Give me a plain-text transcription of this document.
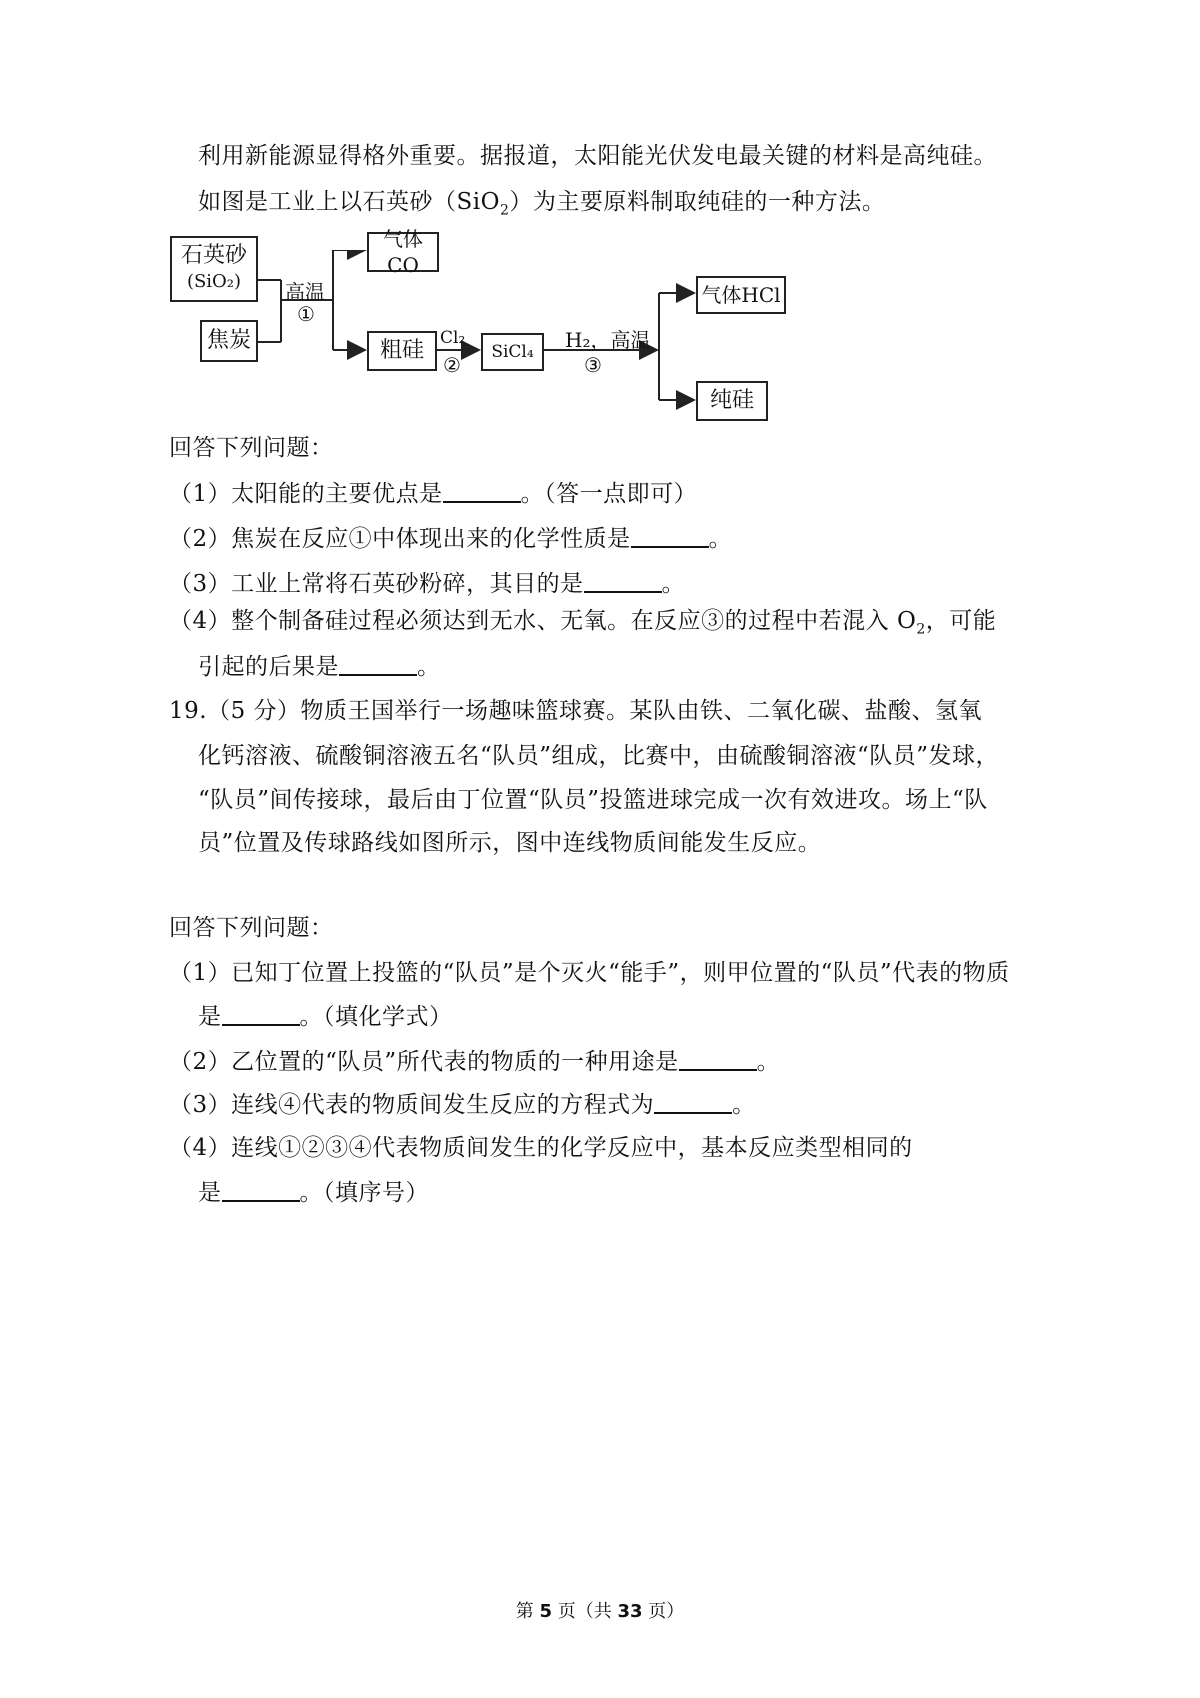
利用新能源显得格外重要。据报道，太阳能光伏发电最关键的材料是高纯硅。
如图是工业上以石英砂（SiO$_2$）为主要原料制取纯硅的一种方法。
石英砂
(SiO₂)
焦炭
高温
①
气体CO
粗硅 Cl₂
②
SiCl₄ H₂，高温
③
气体HCl
纯硅
回答下列问题：
（1）太阳能的主要优点是	。（答一点即可）
（2）焦炭在反应①中体现出来的化学性质是	。
（3）工业上常将石英砂粉碎，其目的是	。
（4）整个制备硅过程必须达到无水、无氧。在反应③的过程中若混入 $O_2$，可能
引起的后果是	。
19.（5 分）物质王国举行一场趣味篮球赛。某队由铁、二氧化碳、盐酸、氢氧
化钙溶液、硫酸铜溶液五名“队员”组成，比赛中，由硫酸铜溶液“队员”发球，
“队员”间传接球，最后由丁位置“队员”投篮进球完成一次有效进攻。场上“队
员”位置及传球路线如图所示，图中连线物质间能发生反应。
回答下列问题：
（1）已知丁位置上投篮的“队员”是个灭火“能手”，则甲位置的“队员”代表的物质
是	。（填化学式）
（2）乙位置的“队员”所代表的物质的一种用途是	。
（3）连线④代表的物质间发生反应的方程式为	。
（4）连线①②③④代表物质间发生的化学反应中，基本反应类型相同的
是	。（填序号）
第 5 页（共 33 页）
